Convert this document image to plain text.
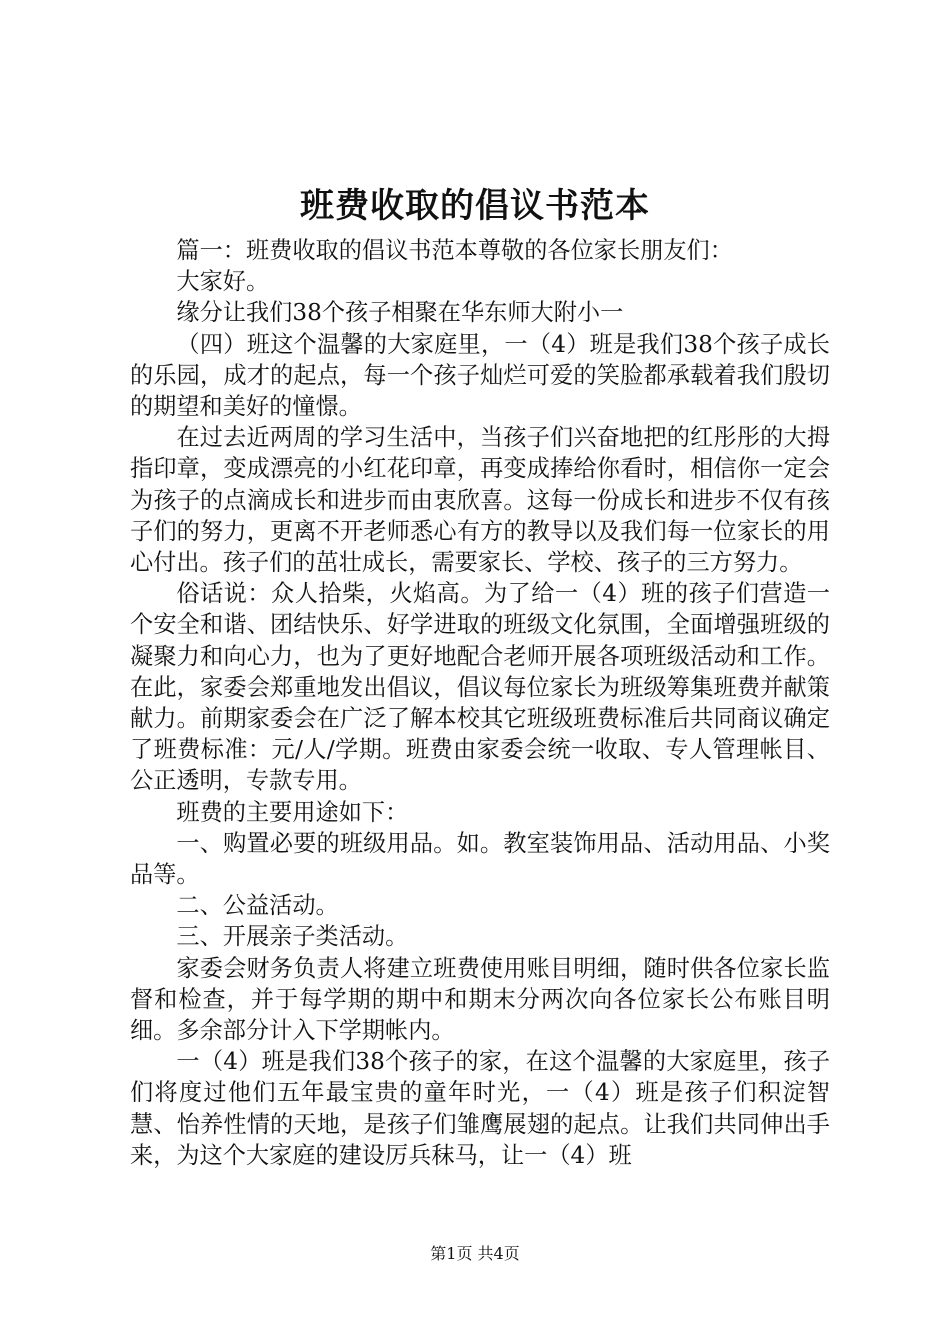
班费收取的倡议书范本

篇一：班费收取的倡议书范本尊敬的各位家长朋友们：

大家好。

缘分让我们38个孩子相聚在华东师大附小一

（四）班这个温馨的大家庭里，一（4）班是我们38个孩子成长的乐园，成才的起点，每一个孩子灿烂可爱的笑脸都承载着我们殷切的期望和美好的憧憬。

在过去近两周的学习生活中，当孩子们兴奋地把的红彤彤的大拇指印章，变成漂亮的小红花印章，再变成捧给你看时，相信你一定会为孩子的点滴成长和进步而由衷欣喜。这每一份成长和进步不仅有孩子们的努力，更离不开老师悉心有方的教导以及我们每一位家长的用心付出。孩子们的茁壮成长，需要家长、学校、孩子的三方努力。

俗话说：众人拾柴，火焰高。为了给一（4）班的孩子们营造一个安全和谐、团结快乐、好学进取的班级文化氛围，全面增强班级的凝聚力和向心力，也为了更好地配合老师开展各项班级活动和工作。在此，家委会郑重地发出倡议，倡议每位家长为班级筹集班费并献策献力。前期家委会在广泛了解本校其它班级班费标准后共同商议确定了班费标准：元/人/学期。班费由家委会统一收取、专人管理帐目、公正透明，专款专用。

班费的主要用途如下：

一、购置必要的班级用品。如。教室装饰用品、活动用品、小奖品等。

二、公益活动。

三、开展亲子类活动。

家委会财务负责人将建立班费使用账目明细，随时供各位家长监督和检查，并于每学期的期中和期末分两次向各位家长公布账目明细。多余部分计入下学期帐内。

一（4）班是我们38个孩子的家，在这个温馨的大家庭里，孩子们将度过他们五年最宝贵的童年时光，一（4）班是孩子们积淀智慧、怡养性情的天地，是孩子们雏鹰展翅的起点。让我们共同伸出手来，为这个大家庭的建设厉兵秣马，让一（4）班

第1页 共4页
